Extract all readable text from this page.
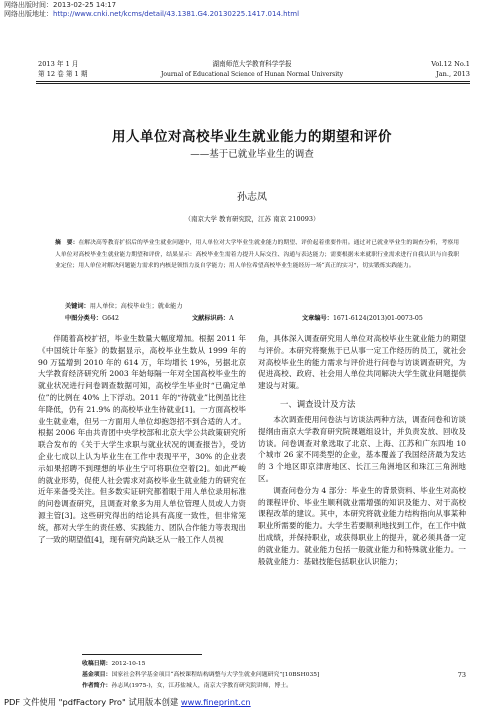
网络出版时间：2013-02-25 14:17
网络出版地址：http://www.cnki.net/kcms/detail/43.1381.G4.20130225.1417.014.html
2013 年 1 月
第 12 卷 第 1 期
湖南师范大学教育科学学报
Journal of Educational Science of Hunan Normal University
Vol.12 No.1
Jan., 2013
用人单位对高校毕业生就业能力的期望和评价
——基于已就业毕业生的调查
孙志凤
（南京大学 教育研究院，江苏 南京 210093）
摘　要：在解决高等教育扩招后的毕业生就业问题中，用人单位对大学毕业生就业能力的期望、评价起着重要作用。通过对已就业毕业生的调查分析，考察用人单位对高校毕业生就业能力期望和评价，结果显示：高校毕业生需着力提升人际交往、沟通与表达能力；需要根据未来就职行业需求进行自我认识与自我职业定位；用人单位对解决问题能力需求的内核是领悟力及自学能力；用人单位希望高校毕业生能经历一场“真正的实习”，切实锻炼实践能力。
关键词：用人单位；高校毕业生；就业能力
中图分类号：G642	文献标识码：A	文章编号：1671-6124(2013)01-0073-05

伴随着高校扩招，毕业生数量大幅度增加。根据 2011 年《中国统计年鉴》的数据显示，高校毕业生数从 1999 年的 90 万猛增到 2010 年的 614 万，年均增长 19%，另据北京大学教育经济研究所 2003 年始每隔一年对全国高校毕业生的就业状况进行问卷调查数据可知，高校学生毕业时“已确定单位”的比例在 40% 上下浮动。2011 年的“待就业”比例虽比往年降低，仍有 21.9% 的高校毕业生待就业[1]。一方面高校毕业生就业难，但另一方面用人单位却抱怨招不到合适的人才。根据 2006 年由共青团中央学校部和北京大学公共政策研究所联合发布的《关于大学生求职与就业状况的调查报告》，受访企业七成以上认为毕业生在工作中表现平平，30% 的企业表示如果招聘不到理想的毕业生宁可将职位空着[2]。如此严峻的就业形势，促使人社会需求对高校毕业生就业能力的研究在近年来备受关注。但多数实证研究都着眼于用人单位录用标准的问卷调查研究，且调查对象多为用人单位管理人员或人力资源主管[3]。这些研究得出的结论具有高度一致性，但非常笼统，都对大学生的责任感、实践能力、团队合作能力等表现出了一致的期望值[4]，现有研究尚缺乏从一般工作人员视

角，具体深入调查研究用人单位对高校毕业生就业能力的期望与评价。本研究将聚焦于已从事一定工作经历的员工，就社会对高校毕业生的能力需求与评价进行问卷与访谈调查研究，为促进高校、政府、社会用人单位共同解决大学生就业问题提供建设与对策。

一、调查设计及方法

本次调查使用问卷法与访谈法两种方法，调查问卷和访谈提纲由南京大学教育研究院课题组设计，并负责发放、回收及访谈。问卷调查对象选取了北京、上海、江苏和广东四地 10 个城市 26 家不同类型的企业，基本覆盖了我国经济最为发达的 3 个地区即京津唐地区、长江三角洲地区和珠江三角洲地区。

调查问卷分为 4 部分：毕业生的背景资料、毕业生对高校的课程评价、毕业生顺利就业需增强的知识及能力、对于高校课程改革的建议。其中，本研究将就业能力结构指向从事某种职业所需要的能力。大学生若要顺利地找到工作，在工作中做出成绩，并保持职业，或获得职业上的提升，就必须具备一定的就业能力。就业能力包括一般就业能力和特殊就业能力。一般就业能力：基础技能包括职业认识能力；

收稿日期：2012-10-15
基金项目：国家社会科学基金项目“高校课程结构调整与大学生就业问题研究”[10BSH035]
作者简介：孙志风(1975-)，女，江苏盐城人，南京大学教育研究院讲师，博士。
73
PDF 文件使用 "pdfFactory Pro" 试用版本创建 www.fineprint.cn
